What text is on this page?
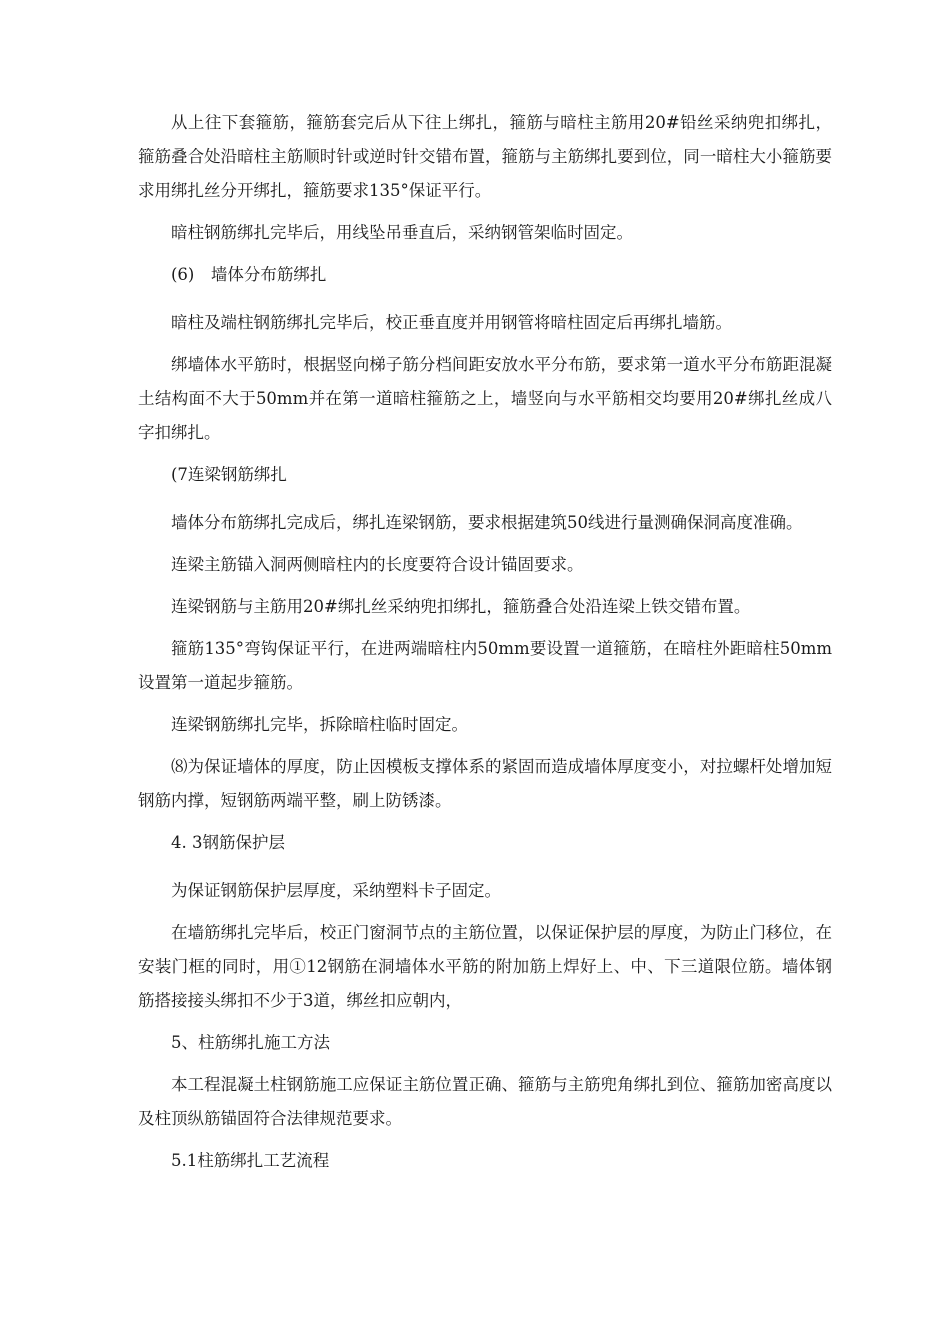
从上往下套箍筋，箍筋套完后从下往上绑扎，箍筋与暗柱主筋用20#铅丝采纳兜扣绑扎，箍筋叠合处沿暗柱主筋顺时针或逆时针交错布置，箍筋与主筋绑扎要到位，同一暗柱大小箍筋要求用绑扎丝分开绑扎，箍筋要求135°保证平行。

暗柱钢筋绑扎完毕后，用线坠吊垂直后，采纳钢管架临时固定。

(6)　墙体分布筋绑扎

暗柱及端柱钢筋绑扎完毕后，校正垂直度并用钢管将暗柱固定后再绑扎墙筋。

绑墙体水平筋时，根据竖向梯子筋分档间距安放水平分布筋，要求第一道水平分布筋距混凝土结构面不大于50mm并在第一道暗柱箍筋之上，墙竖向与水平筋相交均要用20#绑扎丝成八字扣绑扎。

(7连梁钢筋绑扎

墙体分布筋绑扎完成后，绑扎连梁钢筋，要求根据建筑50线进行量测确保洞高度准确。

连梁主筋锚入洞两侧暗柱内的长度要符合设计锚固要求。

连梁钢筋与主筋用20#绑扎丝采纳兜扣绑扎，箍筋叠合处沿连梁上铁交错布置。

箍筋135°弯钩保证平行，在进两端暗柱内50mm要设置一道箍筋，在暗柱外距暗柱50mm设置第一道起步箍筋。

连梁钢筋绑扎完毕，拆除暗柱临时固定。

⑻为保证墙体的厚度，防止因模板支撑体系的紧固而造成墙体厚度变小，对拉螺杆处增加短钢筋内撑，短钢筋两端平整，刷上防锈漆。

4. 3钢筋保护层

为保证钢筋保护层厚度，采纳塑料卡子固定。

在墙筋绑扎完毕后，校正门窗洞节点的主筋位置，以保证保护层的厚度，为防止门移位，在安装门框的同时，用①12钢筋在洞墙体水平筋的附加筋上焊好上、中、下三道限位筋。墙体钢筋搭接接头绑扣不少于3道，绑丝扣应朝内，

5、柱筋绑扎施工方法

本工程混凝土柱钢筋施工应保证主筋位置正确、箍筋与主筋兜角绑扎到位、箍筋加密高度以及柱顶纵筋锚固符合法律规范要求。

5.1柱筋绑扎工艺流程
